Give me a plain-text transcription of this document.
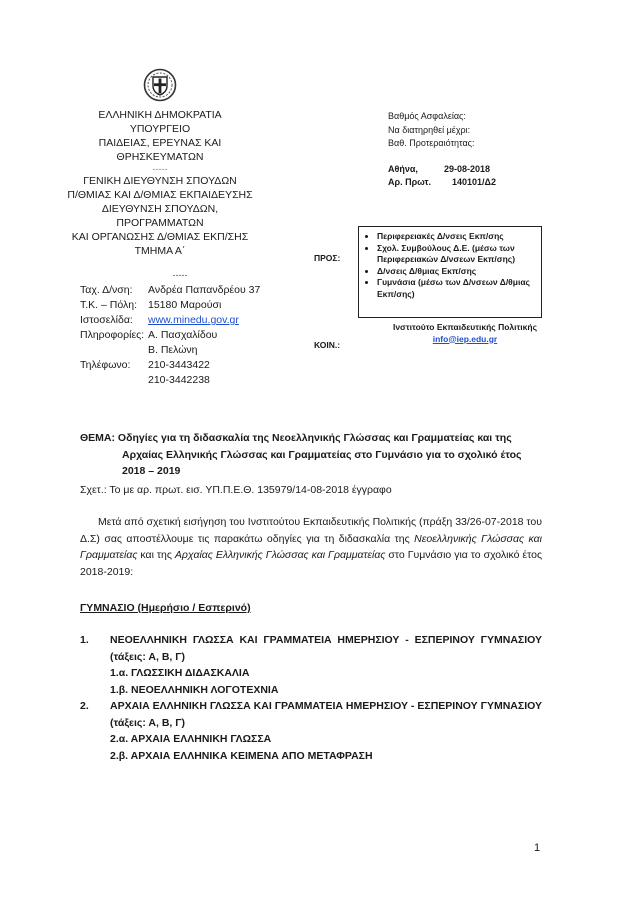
ΕΛΛΗΝΙΚΗ ΔΗΜΟΚΡΑΤΙΑ
ΥΠΟΥΡΓΕΙΟ
ΠΑΙΔΕΙΑΣ, ΕΡΕΥΝΑΣ ΚΑΙ ΘΡΗΣΚΕΥΜΑΤΩΝ
-----
ΓΕΝΙΚΗ ΔΙΕΥΘΥΝΣΗ ΣΠΟΥΔΩΝ
Π/ΘΜΙΑΣ ΚΑΙ Δ/ΘΜΙΑΣ ΕΚΠΑΙΔΕΥΣΗΣ
ΔΙΕΥΘΥΝΣΗ ΣΠΟΥΔΩΝ, ΠΡΟΓΡΑΜΜΑΤΩΝ
ΚΑΙ ΟΡΓΑΝΩΣΗΣ Δ/ΘΜΙΑΣ ΕΚΠ/ΣΗΣ
ΤΜΗΜΑ Α΄
-----
Ταχ. Δ/νση:	Ανδρέα Παπανδρέου 37
Τ.Κ. – Πόλη:	15180 Μαρούσι
Ιστοσελίδα:	www.minedu.gov.gr
Πληροφορίες:	Α. Πασχαλίδου
	Β. Πελώνη
Τηλέφωνο:	210-3443422
	210-3442238
Βαθμός Ασφαλείας:
Να διατηρηθεί μέχρι:
Βαθ. Προτεραιότητας:
Αθήνα,	29-08-2018
Αρ. Πρωτ. 140101/Δ2
ΠΡΟΣ:
• Περιφερειακές Δ/νσεις Εκπ/σης
• Σχολ. Συμβούλους Δ.Ε. (μέσω των Περιφερειακών Δ/νσεων Εκπ/σης)
• Δ/νσεις Δ/θμιας Εκπ/σης
• Γυμνάσια (μέσω των Δ/νσεων Δ/θμιας Εκπ/σης)
ΚΟΙΝ.:
Ινστιτούτο Εκπαιδευτικής Πολιτικής
info@iep.edu.gr
ΘΕΜΑ: Οδηγίες για τη διδασκαλία της Νεοελληνικής Γλώσσας και Γραμματείας και της
Αρχαίας Ελληνικής Γλώσσας και Γραμματείας στο Γυμνάσιο για το σχολικό έτος
2018 – 2019
Σχετ.: Το με αρ. πρωτ. εισ. ΥΠ.Π.Ε.Θ. 135979/14-08-2018 έγγραφο
Μετά από σχετική εισήγηση του Ινστιτούτου Εκπαιδευτικής Πολιτικής (πράξη 33/26-07-2018 του Δ.Σ) σας αποστέλλουμε τις παρακάτω οδηγίες για τη διδασκαλία της Νεοελληνικής Γλώσσας και Γραμματείας και της Αρχαίας Ελληνικής Γλώσσας και Γραμματείας στο Γυμνάσιο για το σχολικό έτος 2018-2019:
ΓΥΜΝΑΣΙΟ (Ημερήσιο / Εσπερινό)
1.	ΝΕΟΕΛΛΗΝΙΚΗ ΓΛΩΣΣΑ ΚΑΙ ΓΡΑΜΜΑΤΕΙΑ ΗΜΕΡΗΣΙΟΥ - ΕΣΠΕΡΙΝΟΥ ΓΥΜΝΑΣΙΟΥ (τάξεις: Α, Β, Γ)
1.α. ΓΛΩΣΣΙΚΗ ΔΙΔΑΣΚΑΛΙΑ
1.β. ΝΕΟΕΛΛΗΝΙΚΗ ΛΟΓΟΤΕΧΝΙΑ
2.	ΑΡΧΑΙΑ ΕΛΛΗΝΙΚΗ ΓΛΩΣΣΑ ΚΑΙ ΓΡΑΜΜΑΤΕΙΑ ΗΜΕΡΗΣΙΟΥ - ΕΣΠΕΡΙΝΟΥ ΓΥΜΝΑΣΙΟΥ (τάξεις: Α, Β, Γ)
2.α. ΑΡΧΑΙΑ ΕΛΛΗΝΙΚΗ ΓΛΩΣΣΑ
2.β. ΑΡΧΑΙΑ ΕΛΛΗΝΙΚΑ ΚΕΙΜΕΝΑ ΑΠΟ ΜΕΤΑΦΡΑΣΗ
1
